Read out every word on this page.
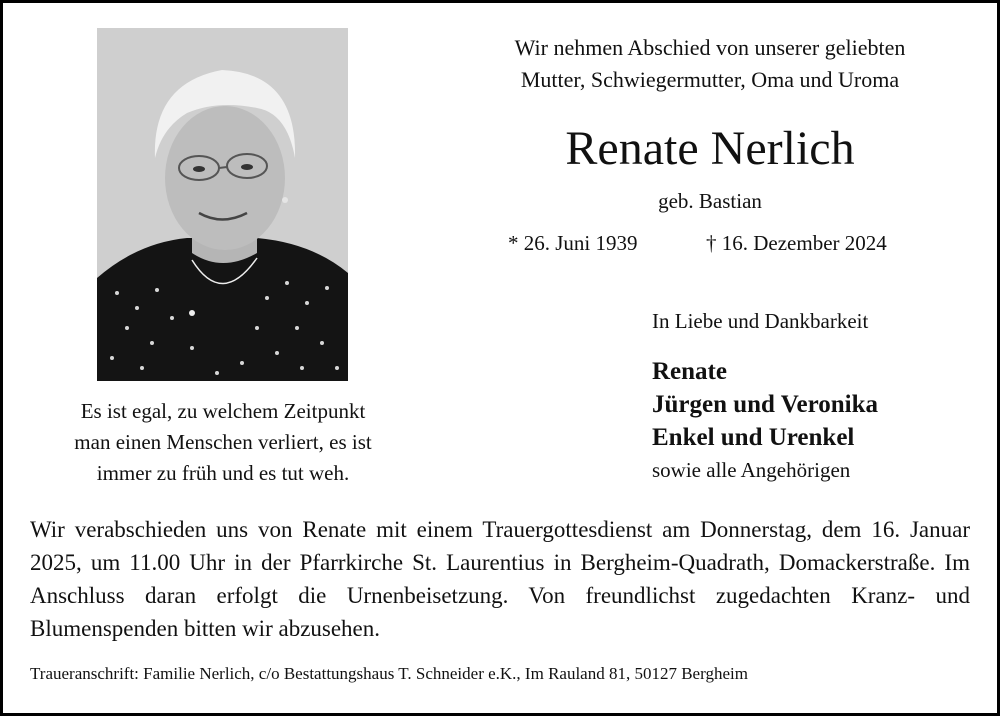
Wir nehmen Abschied von unserer geliebten
Mutter, Schwiegermutter, Oma und Uroma
Renate Nerlich
geb. Bastian
* 26. Juni 1939	† 16. Dezember 2024
Es ist egal, zu welchem Zeitpunkt
man einen Menschen verliert, es ist
immer zu früh und es tut weh.
In Liebe und Dankbarkeit
Renate
Jürgen und Veronika
Enkel und Urenkel
sowie alle Angehörigen
Wir verabschieden uns von Renate mit einem Trauergottesdienst am Donnerstag, dem 16. Januar 2025, um 11.00 Uhr in der Pfarrkirche St. Laurentius in Bergheim-Quadrath, Domackerstraße. Im Anschluss daran erfolgt die Urnenbeisetzung. Von freundlichst zugedachten Kranz- und Blumenspenden bitten wir abzusehen.
Traueranschrift: Familie Nerlich, c/o Bestattungshaus T. Schneider e.K., Im Rauland 81, 50127 Bergheim
